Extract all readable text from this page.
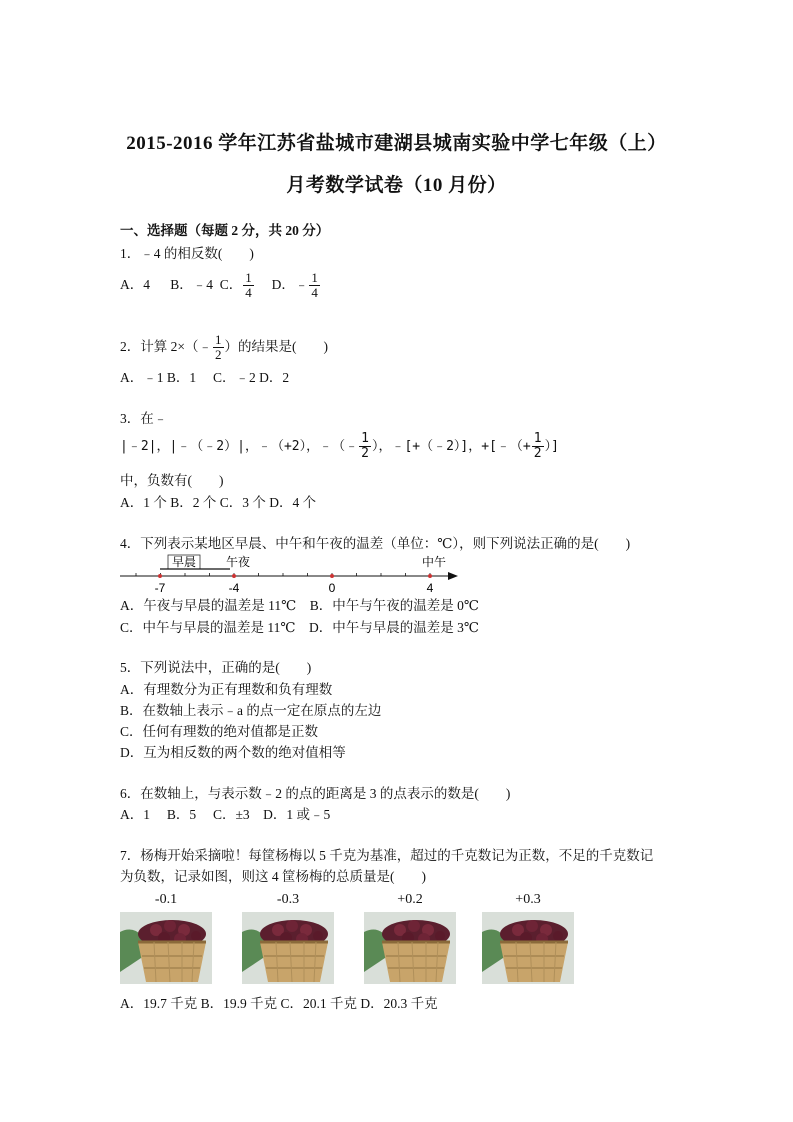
2015-2016 学年江苏省盐城市建湖县城南实验中学七年级（上）
月考数学试卷（10 月份）
一、选择题（每题 2 分，共 20 分）
1．﹣4 的相反数(　　)
A．4 B．﹣4 C． $\frac{1}{4}$ D．﹣ $\frac{1}{4}$
2．计算 2×（﹣ $\frac{1}{2}$ ）的结果是(　　)
A．﹣1 B．1　 C．﹣2 D．2
3．在﹣
|﹣2|，|﹣（﹣2）|，﹣（+2），﹣（﹣ $\frac{1}{2}$ ），﹣[+（﹣2）]，+[﹣（+ $\frac{1}{2}$ ）]
中，负数有(　　)
A．1 个 B．2 个 C．3 个 D．4 个
4．下列表示某地区早晨、中午和午夜的温差（单位：℃），则下列说法正确的是(　　)
早晨 午夜	中午
-7	-4	0	4
A．午夜与早晨的温差是 11℃　B．中午与午夜的温差是 0℃
C．中午与早晨的温差是 11℃　D．中午与早晨的温差是 3℃
5．下列说法中，正确的是(　　)
A．有理数分为正有理数和负有理数
B．在数轴上表示﹣a 的点一定在原点的左边
C．任何有理数的绝对值都是正数
D．互为相反数的两个数的绝对值相等
6．在数轴上，与表示数﹣2 的点的距离是 3 的点表示的数是(　　)
A．1　 B．5　 C．±3　D．1 或﹣5
7．杨梅开始采摘啦！每筐杨梅以 5 千克为基准，超过的千克数记为正数，不足的千克数记
为负数，记录如图，则这 4 筐杨梅的总质量是(　　)
-0.1	-0.3	+0.2	+0.3
A．19.7 千克 B．19.9 千克 C．20.1 千克 D．20.3 千克
